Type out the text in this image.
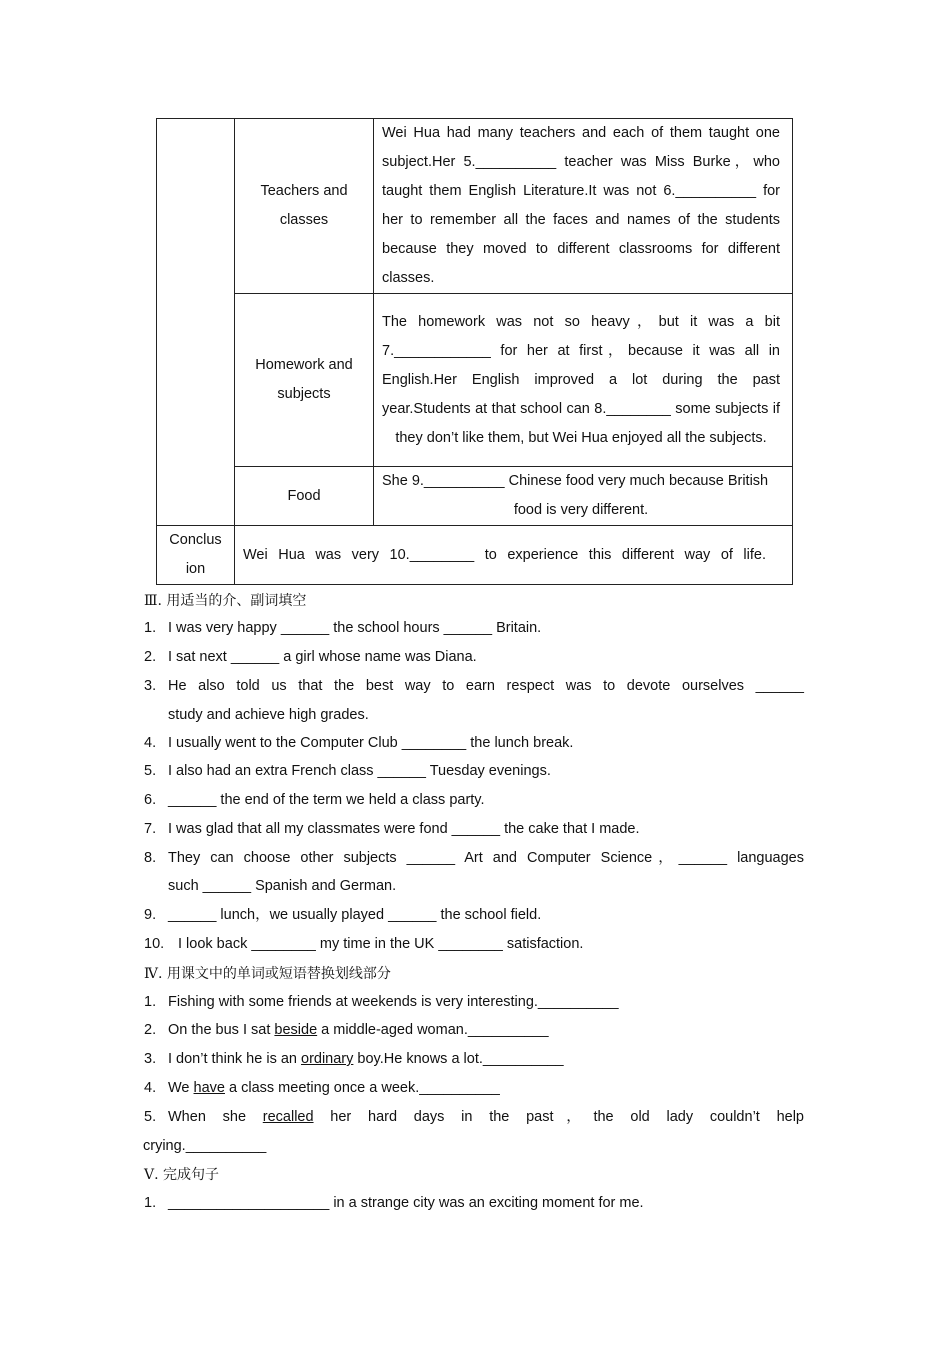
	Teachers and
classes	Wei Hua had many teachers and each of them taught one subject.Her 5.__________ teacher was Miss Burke，who taught them English Literature.It was not 6.__________ for her to remember all the faces and names of the students because they moved to different classrooms for different classes.

	Homework and
subjects	The homework was not so heavy，but it was a bit 7.____________ for her at first，because it was all in English.Her English improved a lot during the past year.Students at that school can 8.________ some subjects if they don’t like them, but Wei Hua enjoyed all the subjects.

	Food	She 9.__________ Chinese food very much because British food is very different.

Conclus
ion	Wei Hua was very 10.________ to experience this different way of life.	
Ⅲ. 用适当的介、副词填空
1. I was very happy ______ the school hours ______ Britain.
2. I sat next ______ a girl whose name was Diana.
3. He also told us that the best way to earn respect was to devote ourselves ______
study and achieve high grades.
4. I usually went to the Computer Club ________ the lunch break.
5. I also had an extra French class ______ Tuesday evenings.
6. ______ the end of the term we held a class party.
7. I was glad that all my classmates were fond ______ the cake that I made.
8. They can choose other subjects ______ Art and Computer Science，______ languages
such ______ Spanish and German.
9. ______ lunch，we usually played ______ the school field.
10. I look back ________ my time in the UK ________ satisfaction.
Ⅳ. 用课文中的单词或短语替换划线部分
1. Fishing with some friends at weekends is very interesting.__________
2. On the bus I sat beside a middle-aged woman.__________
3. I don’t think he is an ordinary boy.He knows a lot.__________
4. We have a class meeting once a week.__________
5. When she recalled her hard days in the past，the old lady couldn’t help
crying.__________
Ⅴ. 完成句子
1. ____________________ in a strange city was an exciting moment for me.
